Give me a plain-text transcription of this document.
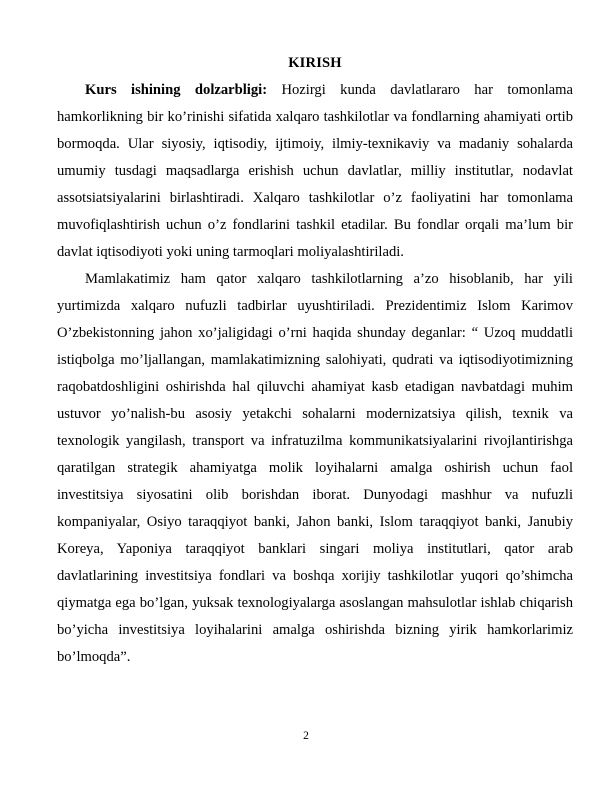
KIRISH

Kurs ishining dolzarbligi: Hozirgi kunda davlatlararo har tomonlama hamkorlikning bir ko’rinishi sifatida xalqaro tashkilotlar va fondlarning ahamiyati ortib bormoqda. Ular siyosiy, iqtisodiy, ijtimoiy, ilmiy-texnikaviy va madaniy sohalarda umumiy tusdagi maqsadlarga erishish uchun davlatlar, milliy institutlar, nodavlat assotsiatsiyalarini birlashtiradi. Xalqaro tashkilotlar o’z faoliyatini har tomonlama muvofiqlashtirish uchun o’z fondlarini tashkil etadilar. Bu fondlar orqali ma’lum bir davlat iqtisodiyoti yoki uning tarmoqlari moliyalashtiriladi.

Mamlakatimiz ham qator xalqaro tashkilotlarning a’zo hisoblanib, har yili yurtimizda xalqaro nufuzli tadbirlar uyushtiriladi. Prezidentimiz Islom Karimov O’zbekistonning jahon xo’jaligidagi o’rni haqida shunday deganlar: “ Uzoq muddatli istiqbolga mo’ljallangan, mamlakatimizning salohiyati, qudrati va iqtisodiyotimizning raqobatdoshligini oshirishda hal qiluvchi ahamiyat kasb etadigan navbatdagi muhim ustuvor yo’nalish-bu asosiy yetakchi sohalarni modernizatsiya qilish, texnik va texnologik yangilash, transport va infratuzilma kommunikatsiyalarini rivojlantirishga qaratilgan strategik ahamiyatga molik loyihalarni amalga oshirish uchun faol investitsiya siyosatini olib borishdan iborat. Dunyodagi mashhur va nufuzli kompaniyalar, Osiyo taraqqiyot banki, Jahon banki, Islom taraqqiyot banki, Janubiy Koreya, Yaponiya taraqqiyot banklari singari moliya institutlari, qator arab davlatlarining investitsiya fondlari va boshqa xorijiy tashkilotlar yuqori qo’shimcha qiymatga ega bo’lgan, yuksak texnologiyalarga asoslangan mahsulotlar ishlab chiqarish bo’yicha investitsiya loyihalarini amalga oshirishda bizning yirik hamkorlarimiz bo’lmoqda”.

2
